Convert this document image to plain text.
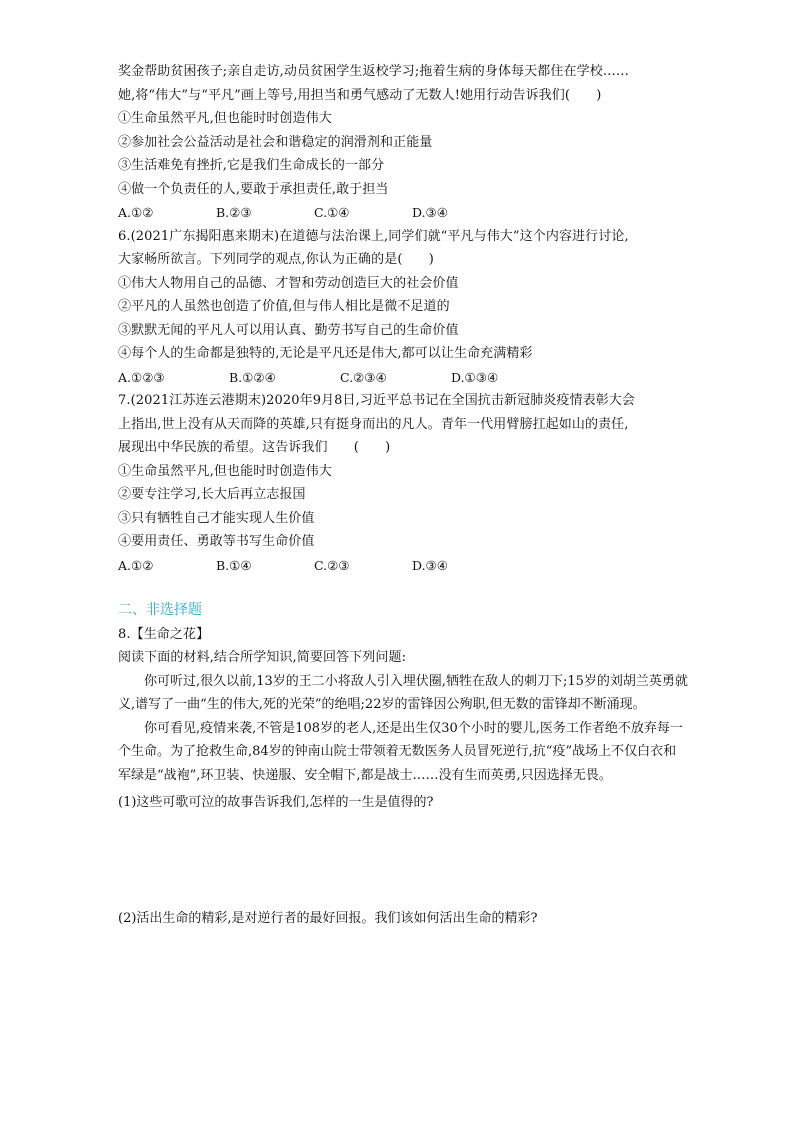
奖金帮助贫困孩子;亲自走访,动员贫困学生返校学习;拖着生病的身体每天都住在学校……
她,将“伟大”与“平凡”画上等号,用担当和勇气感动了无数人!她用行动告诉我们(　　)
①生命虽然平凡,但也能时时创造伟大
②参加社会公益活动是社会和谐稳定的润滑剂和正能量
③生活难免有挫折,它是我们生命成长的一部分
④做一个负责任的人,要敢于承担责任,敢于担当
A.①②	B.②③	C.①④	D.③④
6.(2021广东揭阳惠来期末)在道德与法治课上,同学们就“平凡与伟大”这个内容进行讨论,
大家畅所欲言。下列同学的观点,你认为正确的是(　　)
①伟大人物用自己的品德、才智和劳动创造巨大的社会价值
②平凡的人虽然也创造了价值,但与伟人相比是微不足道的
③默默无闻的平凡人可以用认真、勤劳书写自己的生命价值
④每个人的生命都是独特的,无论是平凡还是伟大,都可以让生命充满精彩
A.①②③	B.①②④	C.②③④	D.①③④
7.(2021江苏连云港期末)2020年9月8日,习近平总书记在全国抗击新冠肺炎疫情表彰大会
上指出,世上没有从天而降的英雄,只有挺身而出的凡人。青年一代用臂膀扛起如山的责任,
展现出中华民族的希望。这告诉我们　　(　　)
①生命虽然平凡,但也能时时创造伟大
②要专注学习,长大后再立志报国
③只有牺牲自己才能实现人生价值
④要用责任、勇敢等书写生命价值
A.①②	B.①④	C.②③	D.③④
二、非选择题
8.【生命之花】
阅读下面的材料,结合所学知识,简要回答下列问题:
你可听过,很久以前,13岁的王二小将敌人引入埋伏圈,牺牲在敌人的刺刀下;15岁的刘胡兰英勇就义,谱写了一曲“生的伟大,死的光荣”的绝唱;22岁的雷锋因公殉职,但无数的雷锋却不断涌现。
你可看见,疫情来袭,不管是108岁的老人,还是出生仅30个小时的婴儿,医务工作者绝不放弃每一个生命。为了抢救生命,84岁的钟南山院士带领着无数医务人员冒死逆行,抗“疫”战场上不仅白衣和军绿是“战袍”,环卫装、快递服、安全帽下,都是战士……没有生而英勇,只因选择无畏。
(1)这些可歌可泣的故事告诉我们,怎样的一生是值得的?
(2)活出生命的精彩,是对逆行者的最好回报。我们该如何活出生命的精彩?
